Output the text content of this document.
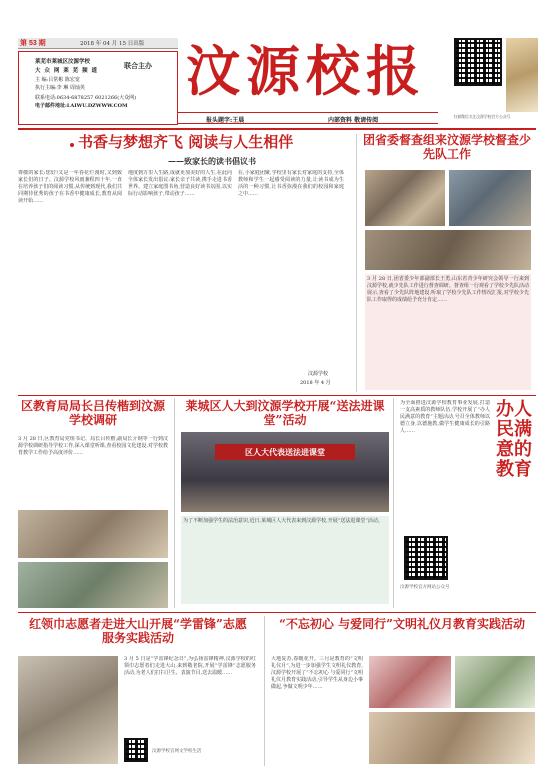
第 53 期	2018 年 04 月 15 日出版
莱芜市莱城区汶源学校
大 众 网 莱 芜 频 道
联合主办
主 编:吕常彬 陈宏宽
执行主编:李 琳 周灿英
联系电话:0634-6878257 6021266(大众网)
电子邮件地址:LAIWU.DZWWW.COM
汶源校报
扫描微信关注汶源学校官方公众号
报头题字:王晨	内部资料 敬请传阅
书香与梦想齐飞 阅读与人生相伴
——致家长的读书倡议书
尊敬的家长:您好!又是一年春花烂漫时,又到致家长们的日子。汶源学校风雨兼程四十年,一直在培养孩子们的阅读习惯,从传统到现代,我们共同期待优秀的孩子在书香中健康成长,教育从阅读开始……
地度到万里人生路,成就更加美好的人生,在此向全体家长发出倡议:家长亲子共读,携手走进书香世界。建立家庭图书角,营造良好读书氛围,以实际行动影响孩子,带动孩子……
在,小家庭团聚,学校里有家长对家庭的支持,全体教师和学生一起感受阅读的力量,让读书成为生活的一种习惯,让书香弥漫在我们的校园和家庭之中……
汶源学校
2018 年 4 月
团省委督查组来汶源学校督查少先队工作
3 月 28 日,团省委少年部副部长王勇,山东省青少年研究会领导一行来到汶源学校,就少先队工作进行督查调研。督查组一行观看了学校少先队活动展示,查看了少先队阵地建设,听取了学校少先队工作情况汇报,对学校少先队工作取得的成绩给予充分肯定……
区教育局局长吕传楷到汶源学校调研
3 月 28 日,区教育局党组书记、局长吕传楷,副局长亓钢等一行到汶源学校调研指导学校工作,深入课堂听课,查看校园文化建设,对学校教育教学工作给予高度评价……
莱城区人大到汶源学校开展“送法进课堂”活动
区人大代表送法进课堂
为了不断加强学生的法治意识,近日,莱城区人大代表来到汶源学校,开展“送法进课堂”活动。
为全面推进汶源学校教育事业发展,打造一支高素质的教师队伍,学校开展了“办人民满意的教育”主题活动,号召全体教师以德立身,以德施教,做学生健康成长的引路人……
办人民满意的教育
汶源学校官方网站公众号
红领巾志愿者走进大山开展“学雷锋”志愿服务实践活动
3 月 5 日是“学雷锋纪念日”,为弘扬雷锋精神,汶源学校的红领巾志愿者们走进大山,来到敬老院,开展“学雷锋”志愿服务活动,为老人们打扫卫生、表演节目,送去温暖……
汶源学校官网文学校生活
“不忘初心 与爱同行”文明礼仪月教育实践活动
大地复苏,春暖花开。三月是教育的“文明礼仪月”,为进一步加强学生文明礼仪教育,汶源学校开展了“不忘初心 与爱同行”文明礼仪月教育实践活动,引导学生从身边小事做起,争做文明少年……
